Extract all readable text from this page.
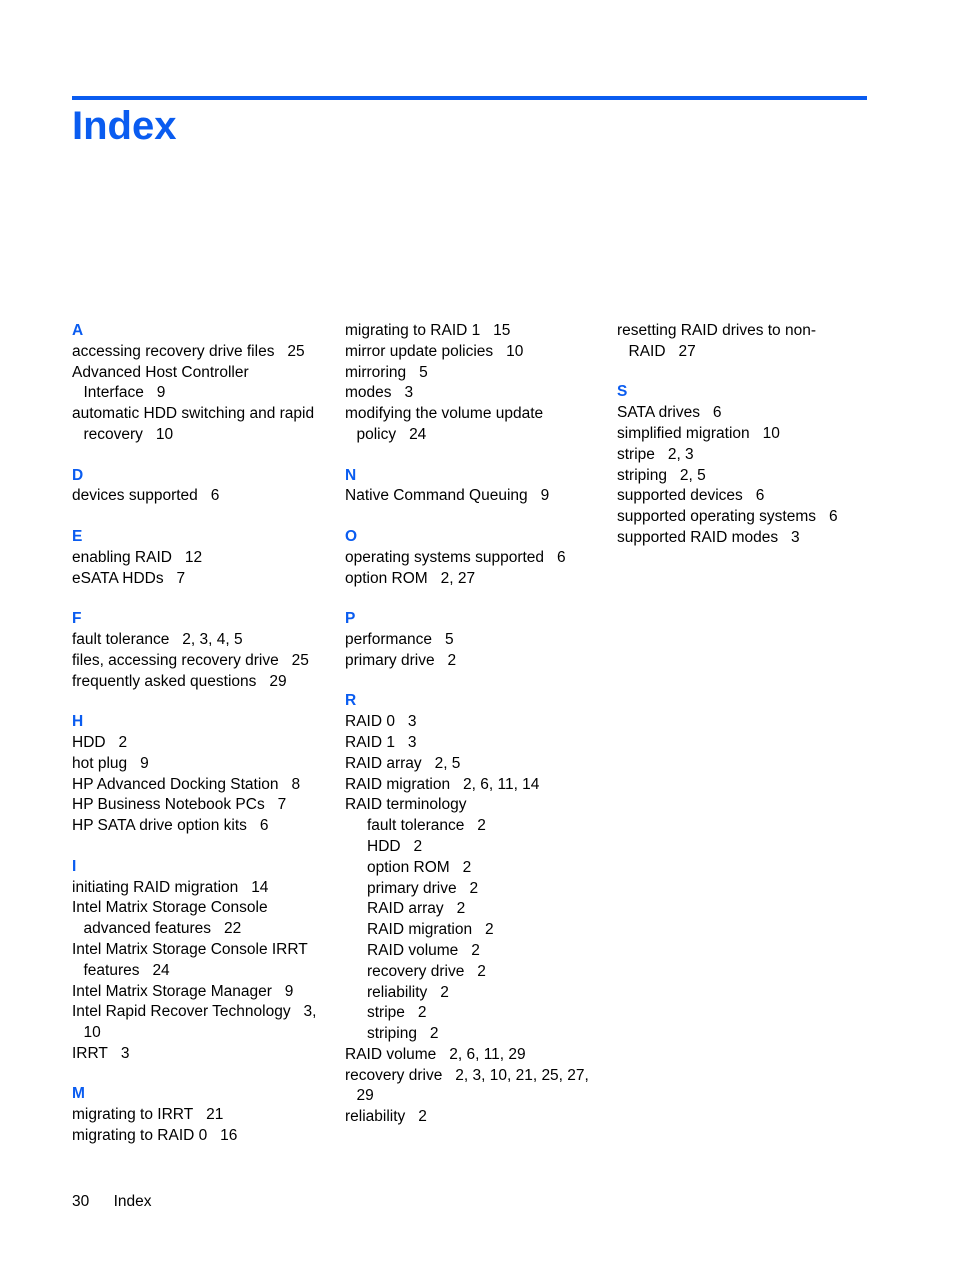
Index
A
accessing recovery drive files 25
Advanced Host Controller Interface 9
automatic HDD switching and rapid recovery 10
D
devices supported 6
E
enabling RAID 12
eSATA HDDs 7
F
fault tolerance 2, 3, 4, 5
files, accessing recovery drive 25
frequently asked questions 29
H
HDD 2
hot plug 9
HP Advanced Docking Station 8
HP Business Notebook PCs 7
HP SATA drive option kits 6
I
initiating RAID migration 14
Intel Matrix Storage Console advanced features 22
Intel Matrix Storage Console IRRT features 24
Intel Matrix Storage Manager 9
Intel Rapid Recover Technology 3, 10
IRRT 3
M
migrating to IRRT 21
migrating to RAID 0 16
migrating to RAID 1 15
mirror update policies 10
mirroring 5
modes 3
modifying the volume update policy 24
N
Native Command Queuing 9
O
operating systems supported 6
option ROM 2, 27
P
performance 5
primary drive 2
R
RAID 0 3
RAID 1 3
RAID array 2, 5
RAID migration 2, 6, 11, 14
RAID terminology
fault tolerance 2
HDD 2
option ROM 2
primary drive 2
RAID array 2
RAID migration 2
RAID volume 2
recovery drive 2
reliability 2
stripe 2
striping 2
RAID volume 2, 6, 11, 29
recovery drive 2, 3, 10, 21, 25, 27, 29
reliability 2
resetting RAID drives to non-RAID 27
S
SATA drives 6
simplified migration 10
stripe 2, 3
striping 2, 5
supported devices 6
supported operating systems 6
supported RAID modes 3
30 Index
